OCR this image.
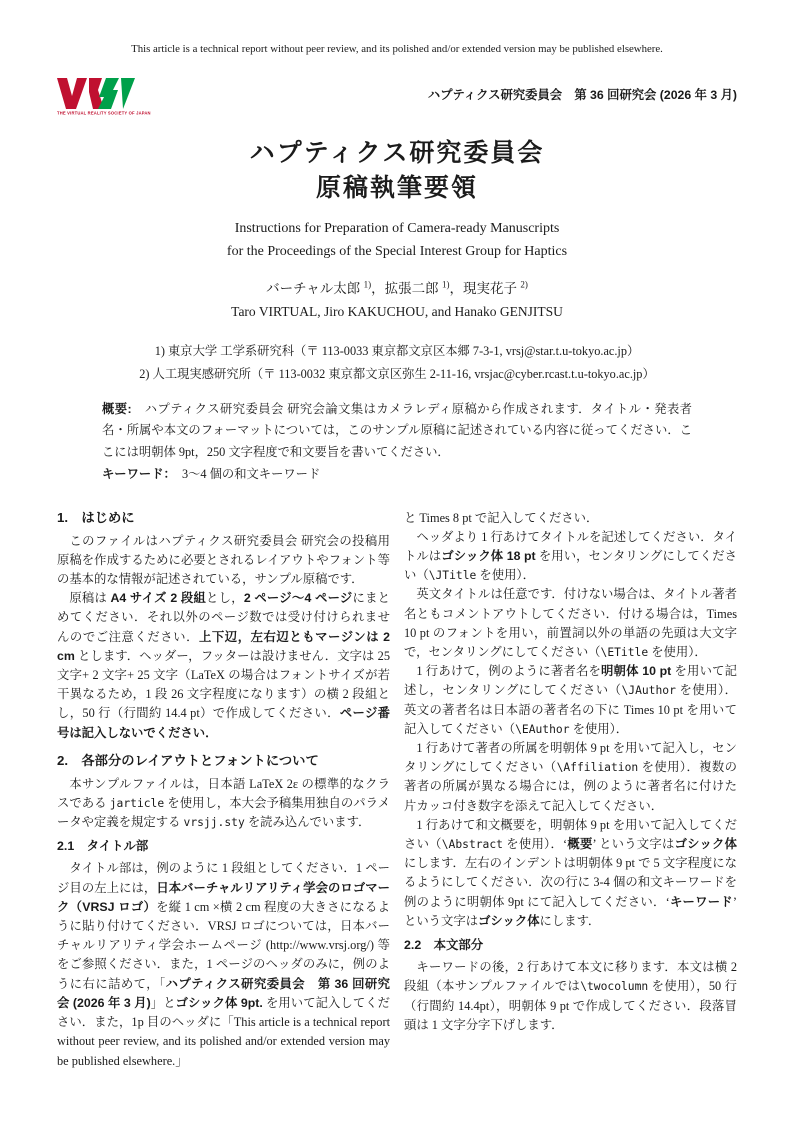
This article is a technical report without peer review, and its polished and/or extended version may be published elsewhere.
THE VIRTUAL REALITY SOCIETY OF JAPAN
ハプティクス研究委員会　第 36 回研究会 (2026 年 3 月)
ハプティクス研究委員会
原稿執筆要領
Instructions for Preparation of Camera-ready Manuscripts
for the Proceedings of the Special Interest Group for Haptics
バーチャル太郎 $^{1)}$，拡張二郎 $^{1)}$，現実花子 $^{2)}$
Taro VIRTUAL, Jiro KAKUCHOU, and Hanako GENJITSU
1) 東京大学 工学系研究科（〒 113-0033 東京都文京区本郷 7-3-1, vrsj@star.t.u-tokyo.ac.jp）
2) 人工現実感研究所（〒 113-0032 東京都文京区弥生 2-11-16, vrsjac@cyber.rcast.t.u-tokyo.ac.jp）
概要:　ハプティクス研究委員会 研究会論文集はカメラレディ原稿から作成されます．タイトル・発表者名・所属や本文のフォーマットについては，このサンプル原稿に記述されている内容に従ってください．ここには明朝体 9pt，250 文字程度で和文要旨を書いてください．
キーワード：　3〜4 個の和文キーワード
1.　はじめに
このファイルはハプティクス研究委員会 研究会の投稿用原稿を作成するために必要とされるレイアウトやフォント等の基本的な情報が記述されている，サンプル原稿です．
原稿は A4 サイズ 2 段組とし，2 ページ〜4 ページにまとめてください．それ以外のページ数では受け付けられませんのでご注意ください．上下辺，左右辺ともマージンは 2 cm とします．ヘッダー，フッターは設けません．文字は 25 文字+ 2 文字+ 25 文字（LaTeX の場合はフォントサイズが若干異なるため，1 段 26 文字程度になります）の横 2 段組とし，50 行（行間約 14.4 pt）で作成してください．ページ番号は記入しないでください．
2.　各部分のレイアウトとフォントについて
本サンプルファイルは，日本語 LaTeX 2ε の標準的なクラスである jarticle を使用し，本大会予稿集用独自のパラメータや定義を規定する vrsjj.sty を読み込んでいます．
2.1　タイトル部
タイトル部は，例のように 1 段組としてください．1 ページ目の左上には，日本バーチャルリアリティ学会のロゴマーク（VRSJ ロゴ）を縦 1 cm ×横 2 cm 程度の大きさになるように貼り付けてください．VRSJ ロゴについては，日本バーチャルリアリティ学会ホームページ (http://www.vrsj.org/) 等をご参照ください．また，1 ページのヘッダのみに，例のように右に詰めて，「ハプティクス研究委員会　第 36 回研究会 (2026 年 3 月)」とゴシック体 9pt. を用いて記入してください．また，1p 目のヘッダに「This article is a technical report without peer review, and its polished and/or extended version may be published elsewhere.」
と Times 8 pt で記入してください．
ヘッダより 1 行あけてタイトルを記述してください．タイトルはゴシック体 18 pt を用い，センタリングにしてください（\JTitle を使用）．
英文タイトルは任意です．付けない場合は、タイトル著者名ともコメントアウトしてください．付ける場合は，Times 10 pt のフォントを用い，前置詞以外の単語の先頭は大文字で，センタリングにしてください（\ETitle を使用）．
1 行あけて，例のように著者名を明朝体 10 pt を用いて記述し，センタリングにしてください（\JAuthor を使用）．英文の著者名は日本語の著者名の下に Times 10 pt を用いて記入してください（\EAuthor を使用）．
1 行あけて著者の所属を明朝体 9 pt を用いて記入し，センタリングにしてください（\Affiliation を使用）．複数の著者の所属が異なる場合には，例のように著者名に付けた片カッコ付き数字を添えて記入してください．
1 行あけて和文概要を，明朝体 9 pt を用いて記入してください（\Abstract を使用）．‘概要’ という文字はゴシック体にします．左右のインデントは明朝体 9 pt で 5 文字程度になるようにしてください．次の行に 3-4 個の和文キーワードを例のように明朝体 9pt にて記入してください．‘キーワード’ という文字はゴシック体にします．
2.2　本文部分
キーワードの後，2 行あけて本文に移ります．本文は横 2 段組（本サンプルファイルでは\twocolumn を使用），50 行（行間約 14.4pt），明朝体 9 pt で作成してください．段落冒頭は 1 文字分字下げします．
